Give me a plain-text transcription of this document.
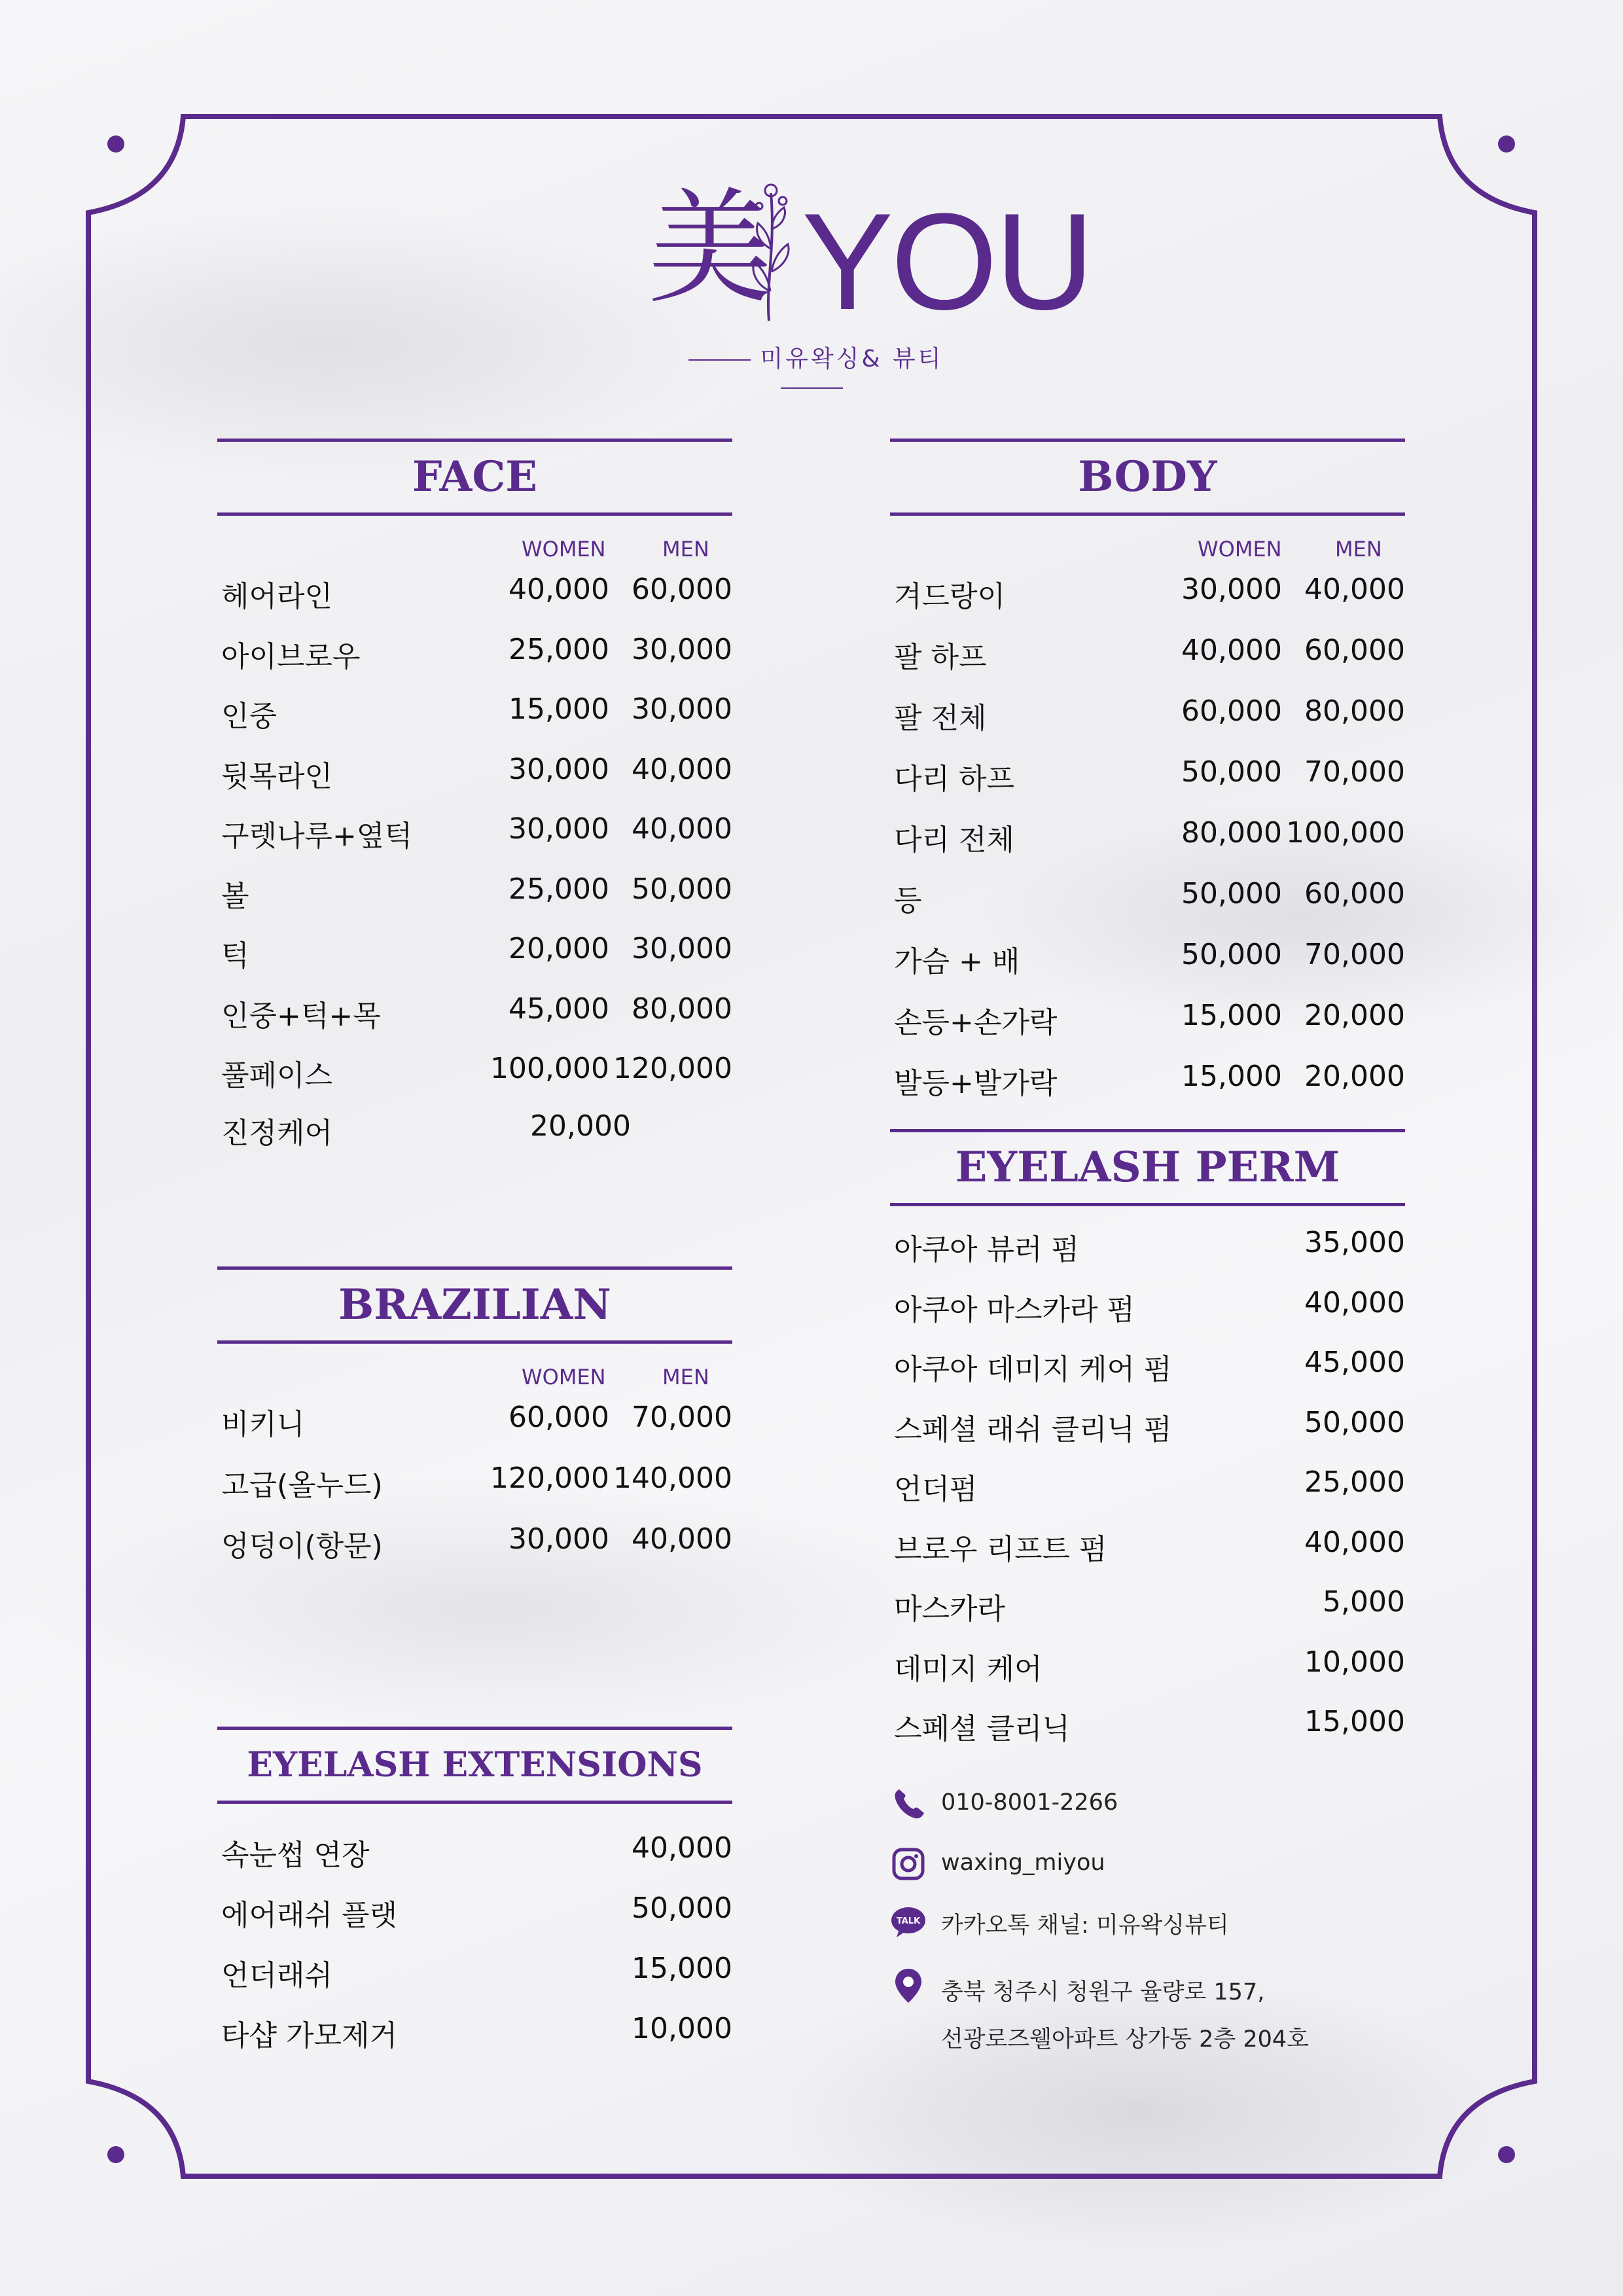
美 YOU
미유왁싱& 뷰티
FACE
WOMEN	MEN
헤어라인	40,000 60,000
아이브로우	25,000 30,000
인중	15,000 30,000
뒷목라인	30,000 40,000
구렛나루+옆턱	30,000 40,000
볼	25,000 50,000
턱	20,000 30,000
인중+턱+목	45,000 80,000
풀페이스	100,000 120,000
진정케어	20,000
BODY
WOMEN	MEN
겨드랑이	30,000 40,000
팔 하프	40,000 60,000
팔 전체	60,000 80,000
다리 하프	50,000 70,000
다리 전체	80,000 100,000
등	50,000 60,000
가슴 + 배	50,000 70,000
손등+손가락	15,000 20,000
발등+발가락	15,000 20,000
BRAZILIAN
WOMEN	MEN
비키니	60,000 70,000
고급(올누드)	120,000 140,000
엉덩이(항문)	30,000 40,000
EYELASH PERM
아쿠아 뷰러 펌	35,000
아쿠아 마스카라 펌	40,000
아쿠아 데미지 케어 펌	45,000
스페셜 래쉬 클리닉 펌	50,000
언더펌	25,000
브로우 리프트 펌	40,000
마스카라	5,000
데미지 케어	10,000
스페셜 클리닉	15,000
EYELASH EXTENSIONS
속눈썹 연장	40,000
에어래쉬 플랫	50,000
언더래쉬	15,000
타샵 가모제거	10,000
010-8001-2266
waxing_miyou
TALK 카카오톡 채널: 미유왁싱뷰티
충북 청주시 청원구 율량로 157,
선광로즈웰아파트 상가동 2층 204호
